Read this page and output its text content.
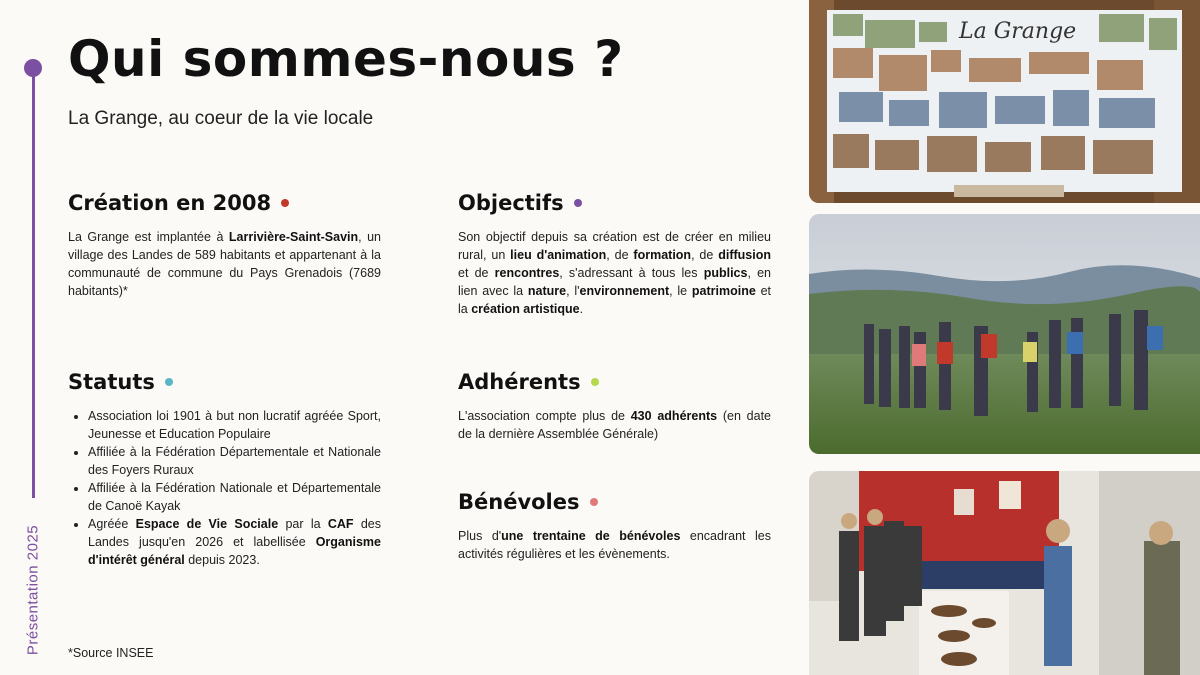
Présentation 2025
Qui sommes-nous ?
La Grange, au coeur de la vie locale
Création en 2008

La Grange est implantée à Larrivière-Saint-Savin, un village des Landes de 589 habitants et appartenant à la communauté de commune du Pays Grenadois (7689 habitants)*

Objectifs

Son objectif depuis sa création est de créer en milieu rural, un lieu d'animation, de formation, de diffusion et de rencontres, s'adressant à tous les publics, en lien avec la nature, l'environnement, le patrimoine et la création artistique.

Statuts
• Association loi 1901 à but non lucratif agréée Sport, Jeunesse et Education Populaire
• Affiliée à la Fédération Départementale et Nationale des Foyers Ruraux
• Affiliée à la Fédération Nationale et Départementale de Canoë Kayak
• Agréée Espace de Vie Sociale par la CAF des Landes jusqu'en 2026 et labellisée Organisme d'intérêt général depuis 2023.
Adhérents

L'association compte plus de 430 adhérents (en date de la dernière Assemblée Générale)

Bénévoles

Plus d'une trentaine de bénévoles encadrant les activités régulières et les évènements.

*Source INSEE
La Grange
